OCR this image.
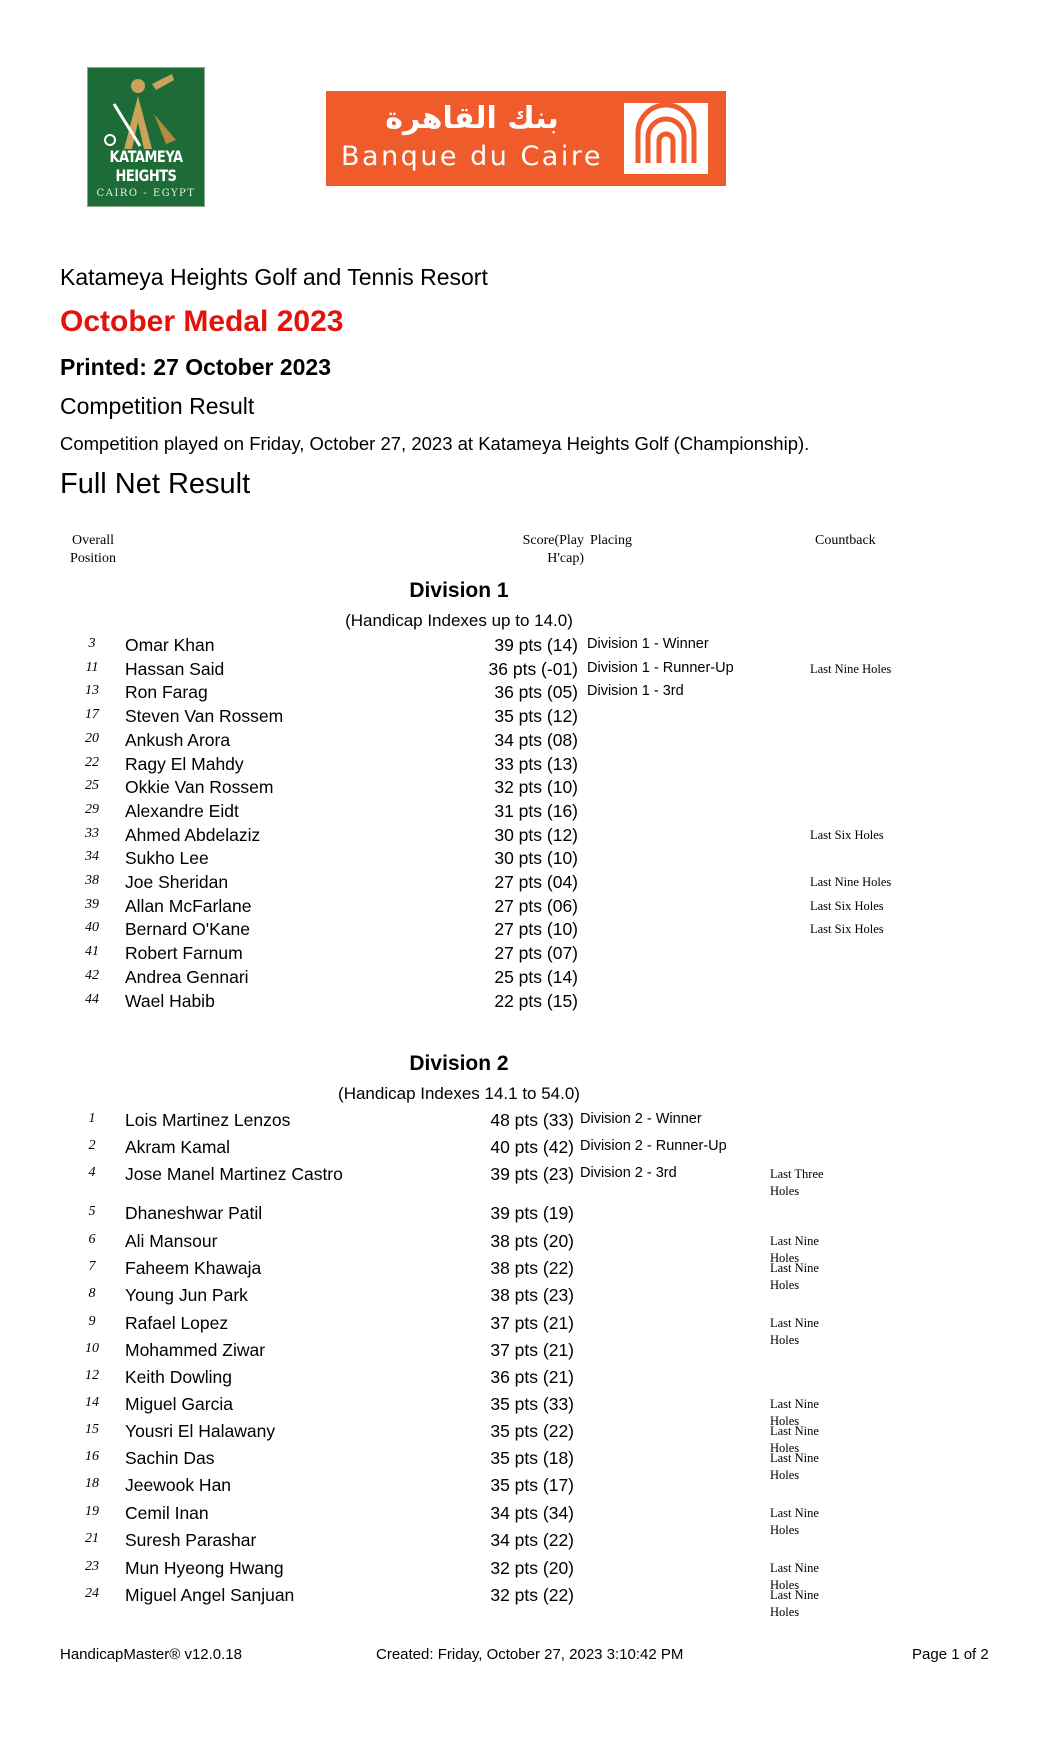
KATAMEYA HEIGHTS
CAIRO - EGYPT
بنك القاهرة
Banque du Caire
Katameya Heights Golf and Tennis Resort
October Medal 2023
Printed: 27 October 2023
Competition Result
Competition played on Friday, October 27, 2023 at Katameya Heights Golf (Championship).
Full Net Result
Overall
Position
Score(Play
H'cap)
Placing	Countback
Division 1
(Handicap Indexes up to 14.0)
3	Omar Khan	39 pts (14) Division 1 - Winner
11	Hassan Said	36 pts (-01) Division 1 - Runner-Up	Last Nine Holes
13	Ron Farag	36 pts (05) Division 1 - 3rd
17	Steven Van Rossem	35 pts (12)
20	Ankush Arora	34 pts (08)
22	Ragy El Mahdy	33 pts (13)
25	Okkie Van Rossem	32 pts (10)
29	Alexandre Eidt	31 pts (16)
33	Ahmed Abdelaziz	30 pts (12)	Last Six Holes
34	Sukho Lee	30 pts (10)
38	Joe Sheridan	27 pts (04)	Last Nine Holes
39	Allan McFarlane	27 pts (06)	Last Six Holes
40	Bernard O'Kane	27 pts (10)	Last Six Holes
41	Robert Farnum	27 pts (07)
42	Andrea Gennari	25 pts (14)
44	Wael Habib	22 pts (15)
Division 2
(Handicap Indexes 14.1 to 54.0)
1	Lois Martinez Lenzos	48 pts (33) Division 2 - Winner
2	Akram Kamal	40 pts (42) Division 2 - Runner-Up
4	Jose Manel Martinez Castro	39 pts (23) Division 2 - 3rd	Last Three Holes
5	Dhaneshwar Patil	39 pts (19)
6	Ali Mansour	38 pts (20)	Last Nine Holes
7	Faheem Khawaja	38 pts (22)	Last Nine Holes
8	Young Jun Park	38 pts (23)
9	Rafael Lopez	37 pts (21)	Last Nine Holes
10	Mohammed Ziwar	37 pts (21)
12	Keith Dowling	36 pts (21)
14	Miguel Garcia	35 pts (33)	Last Nine Holes
15	Yousri El Halawany	35 pts (22)	Last Nine Holes
16	Sachin Das	35 pts (18)	Last Nine Holes
18	Jeewook Han	35 pts (17)
19	Cemil Inan	34 pts (34)	Last Nine Holes
21	Suresh Parashar	34 pts (22)
23	Mun Hyeong Hwang	32 pts (20)	Last Nine Holes
24	Miguel Angel Sanjuan	32 pts (22)	Last Nine Holes
HandicapMaster® v12.0.18	Created: Friday, October 27, 2023 3:10:42 PM	Page 1 of 2
